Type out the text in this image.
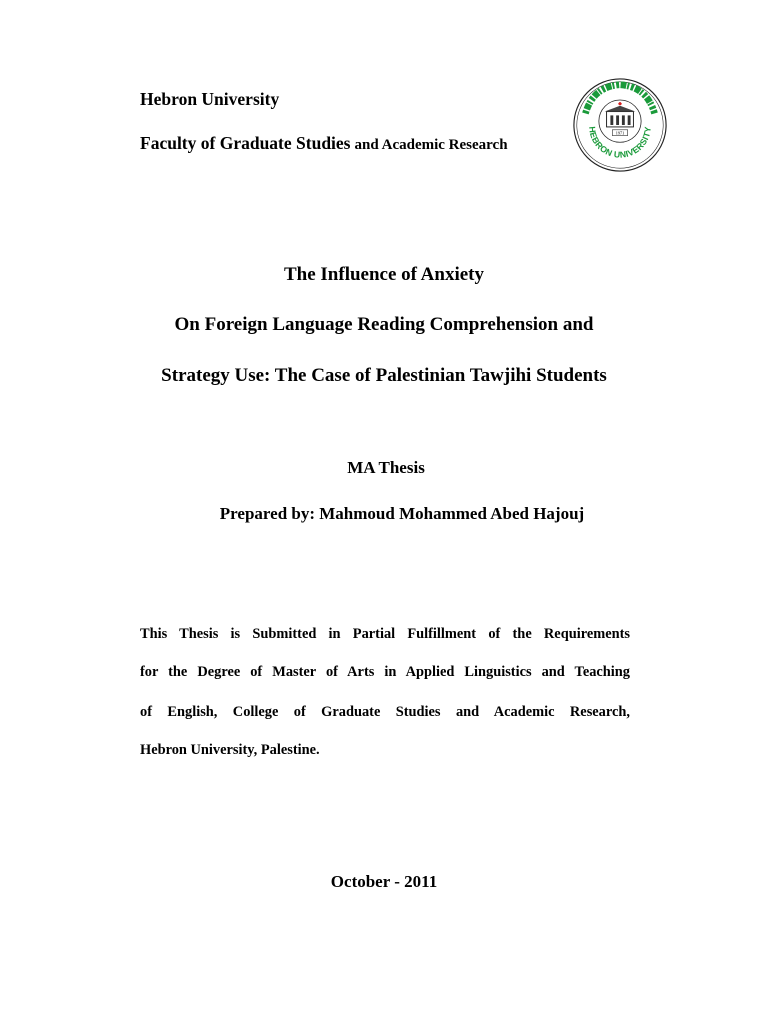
Hebron University
Faculty of Graduate Studies and Academic Research
1971
HEBRON UNIVERSITY
The Influence of Anxiety
On Foreign Language Reading Comprehension and
Strategy Use: The Case of Palestinian Tawjihi Students
MA Thesis
Prepared by: Mahmoud Mohammed Abed Hajouj
This Thesis is Submitted in Partial Fulfillment of the Requirements
for the Degree of Master of Arts in Applied Linguistics and Teaching
of English, College of Graduate Studies and Academic Research,
Hebron University, Palestine.
October - 2011
